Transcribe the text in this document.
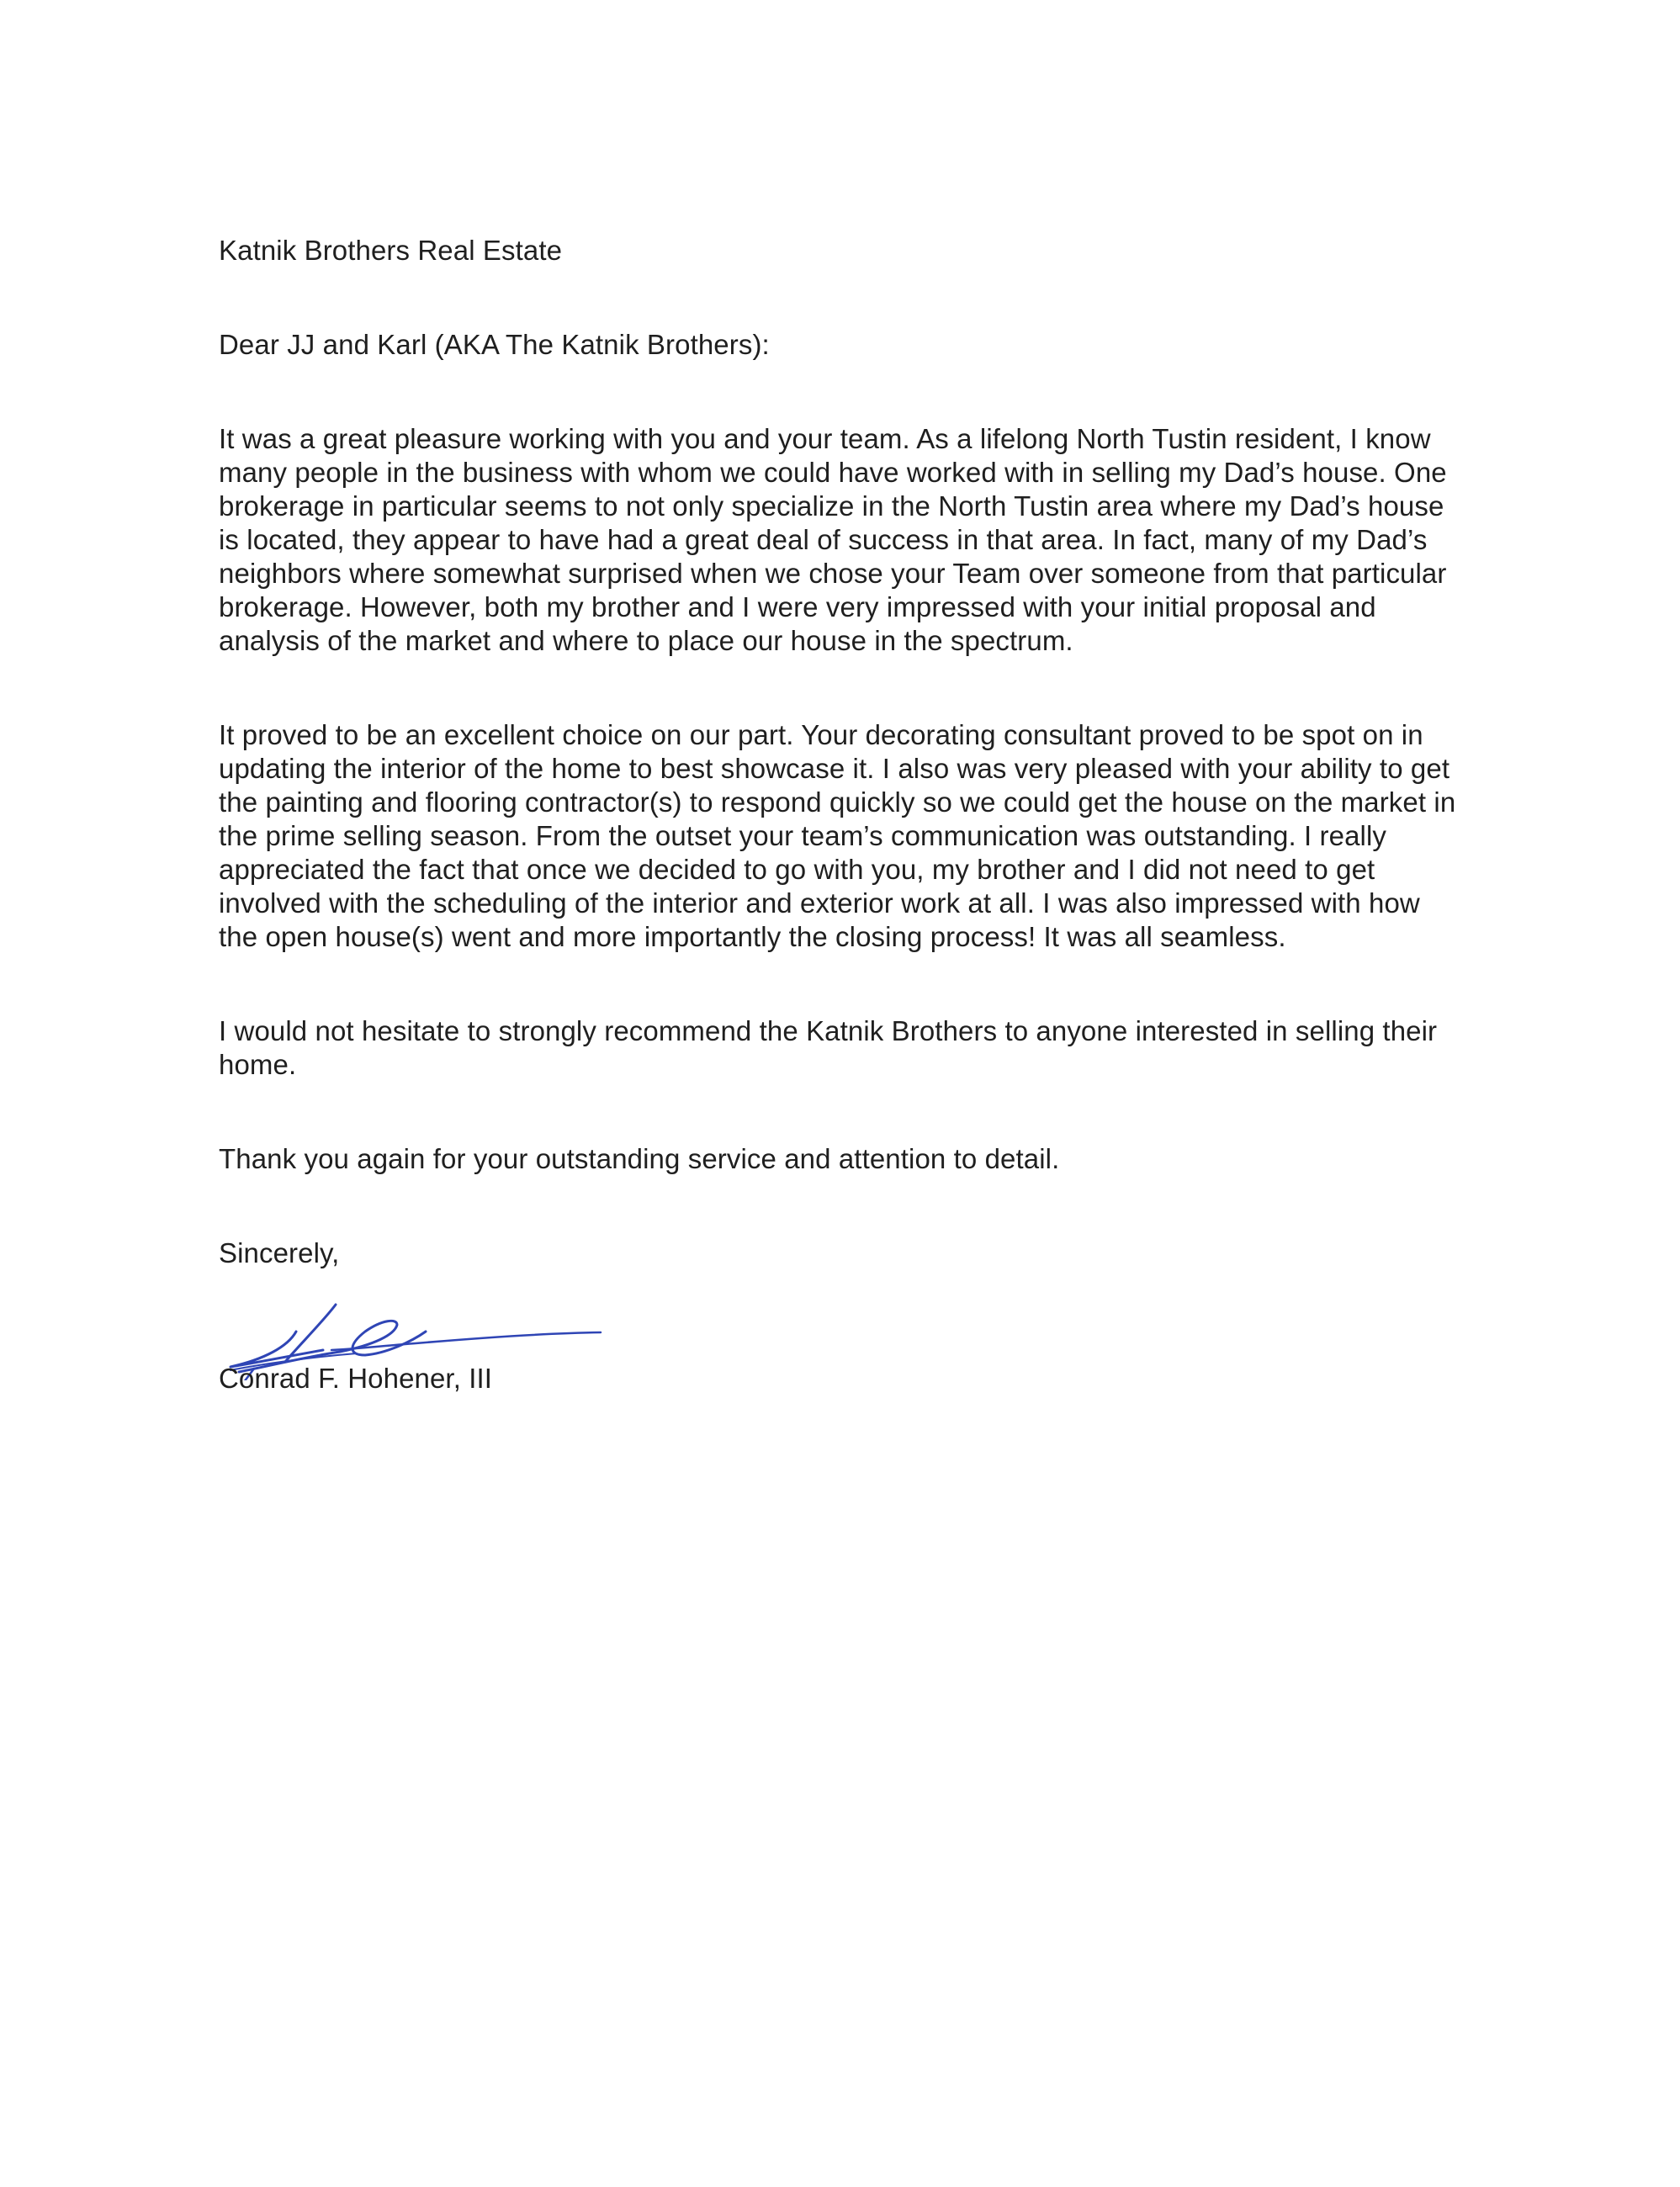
Katnik Brothers Real Estate

Dear JJ and Karl (AKA The Katnik Brothers):

It was a great pleasure working with you and your team. As a lifelong North Tustin resident, I know many people in the business with whom we could have worked with in selling my Dad’s house. One brokerage in particular seems to not only specialize in the North Tustin area where my Dad’s house is located, they appear to have had a great deal of success in that area. In fact, many of my Dad’s neighbors where somewhat surprised when we chose your Team over someone from that particular brokerage. However, both my brother and I were very impressed with your initial proposal and analysis of the market and where to place our house in the spectrum.

It proved to be an excellent choice on our part. Your decorating consultant proved to be spot on in updating the interior of the home to best showcase it. I also was very pleased with your ability to get the painting and flooring contractor(s) to respond quickly so we could get the house on the market in the prime selling season. From the outset your team’s communication was outstanding. I really appreciated the fact that once we decided to go with you, my brother and I did not need to get involved with the scheduling of the interior and exterior work at all. I was also impressed with how the open house(s) went and more importantly the closing process! It was all seamless.

I would not hesitate to strongly recommend the Katnik Brothers to anyone interested in selling their home.

Thank you again for your outstanding service and attention to detail.

Sincerely,

Conrad F. Hohener, III
